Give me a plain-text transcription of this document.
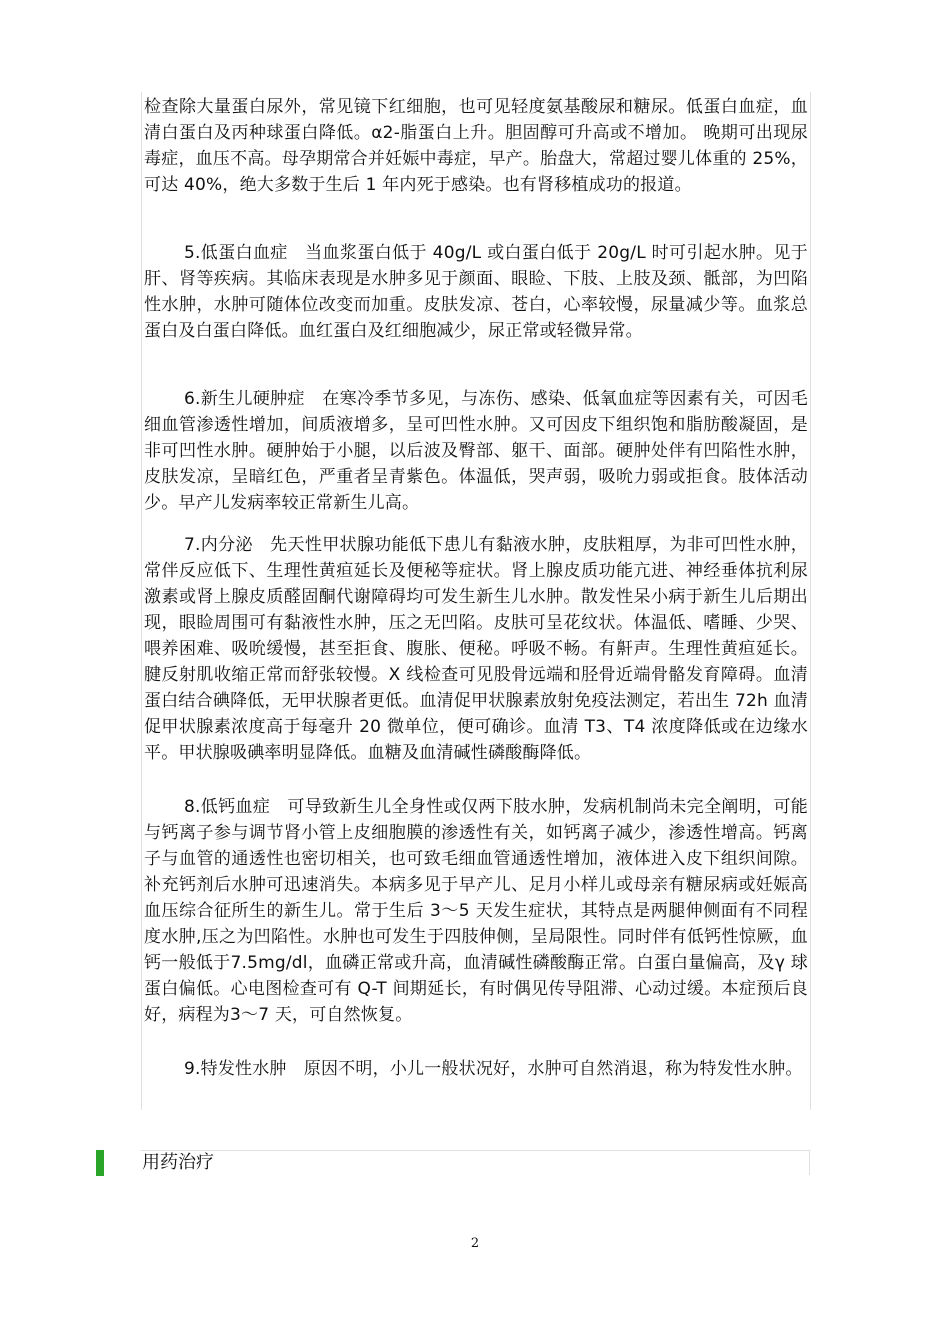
检查除大量蛋白尿外，常见镜下红细胞，也可见轻度氨基酸尿和糖尿。低蛋白血症，血清白蛋白及丙种球蛋白降低。α2-脂蛋白上升。胆固醇可升高或不增加。 晚期可出现尿毒症，血压不高。母孕期常合并妊娠中毒症，早产。胎盘大，常超过婴儿体重的 25%，可达 40%，绝大多数于生后 1 年内死于感染。也有肾移植成功的报道。

5.低蛋白血症　当血浆蛋白低于 40g/L 或白蛋白低于 20g/L 时可引起水肿。见于肝、肾等疾病。其临床表现是水肿多见于颜面、眼睑、下肢、上肢及颈、骶部，为凹陷性水肿，水肿可随体位改变而加重。皮肤发凉、苍白，心率较慢，尿量减少等。血浆总蛋白及白蛋白降低。血红蛋白及红细胞减少，尿正常或轻微异常。

6.新生儿硬肿症　在寒冷季节多见，与冻伤、感染、低氧血症等因素有关，可因毛细血管渗透性增加，间质液增多，呈可凹性水肿。又可因皮下组织饱和脂肪酸凝固，是非可凹性水肿。硬肿始于小腿，以后波及臀部、躯干、面部。硬肿处伴有凹陷性水肿，皮肤发凉，呈暗红色，严重者呈青紫色。体温低，哭声弱，吸吮力弱或拒食。肢体活动少。早产儿发病率较正常新生儿高。

7.内分泌　先天性甲状腺功能低下患儿有黏液水肿，皮肤粗厚，为非可凹性水肿，常伴反应低下、生理性黄疸延长及便秘等症状。肾上腺皮质功能亢进、神经垂体抗利尿激素或肾上腺皮质醛固酮代谢障碍均可发生新生儿水肿。散发性呆小病于新生儿后期出现，眼睑周围可有黏液性水肿，压之无凹陷。皮肤可呈花纹状。体温低、嗜睡、少哭、喂养困难、吸吮缓慢，甚至拒食、腹胀、便秘。呼吸不畅。有鼾声。生理性黄疸延长。腱反射肌收缩正常而舒张较慢。X 线检查可见股骨远端和胫骨近端骨骼发育障碍。血清蛋白结合碘降低，无甲状腺者更低。血清促甲状腺素放射免疫法测定，若出生 72h 血清促甲状腺素浓度高于每毫升 20 微单位，便可确诊。血清 T3、T4 浓度降低或在边缘水平。甲状腺吸碘率明显降低。血糖及血清碱性磷酸酶降低。

8.低钙血症　可导致新生儿全身性或仅两下肢水肿，发病机制尚未完全阐明，可能与钙离子参与调节肾小管上皮细胞膜的渗透性有关，如钙离子减少，渗透性增高。钙离子与血管的通透性也密切相关，也可致毛细血管通透性增加，液体进入皮下组织间隙。补充钙剂后水肿可迅速消失。本病多见于早产儿、足月小样儿或母亲有糖尿病或妊娠高血压综合征所生的新生儿。常于生后 3～5 天发生症状，其特点是两腿伸侧面有不同程度水肿,压之为凹陷性。水肿也可发生于四肢伸侧，呈局限性。同时伴有低钙性惊厥，血钙一般低于7.5mg/dl，血磷正常或升高，血清碱性磷酸酶正常。白蛋白量偏高，及γ 球蛋白偏低。心电图检查可有 Q-T 间期延长，有时偶见传导阻滞、心动过缓。本症预后良好，病程为3～7 天，可自然恢复。

9.特发性水肿　原因不明，小儿一般状况好，水肿可自然消退，称为特发性水肿。

用药治疗
2
